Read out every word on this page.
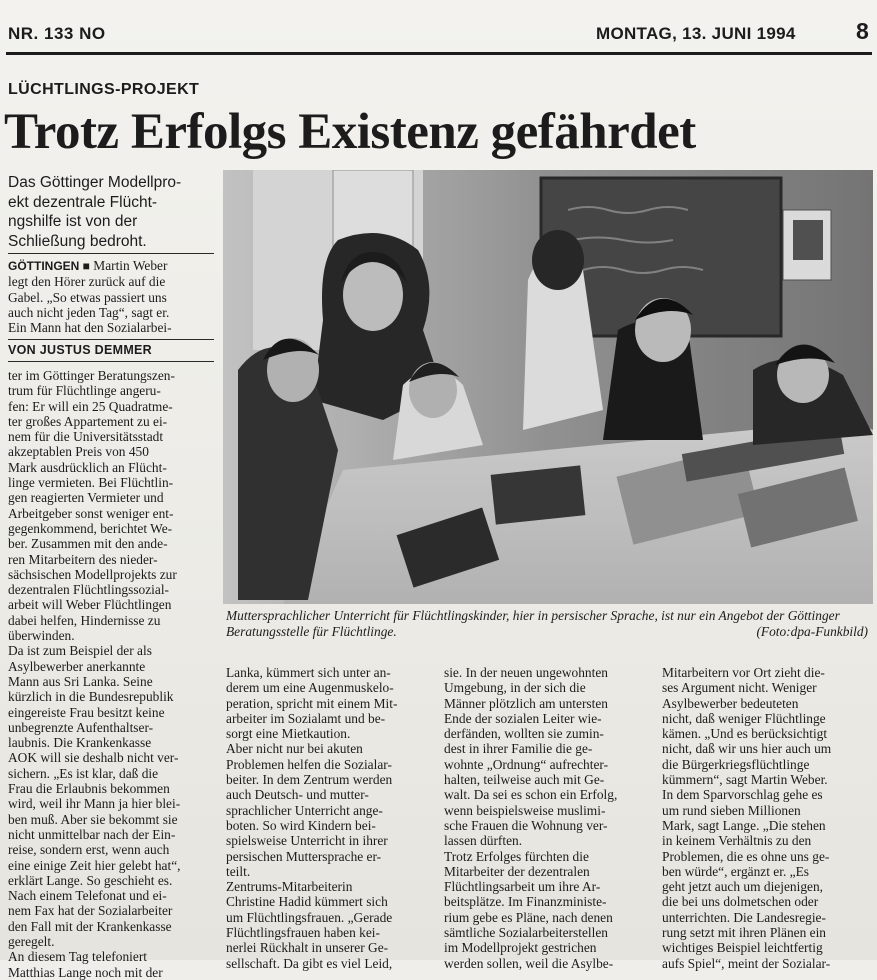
NR. 133 NO	MONTAG, 13. JUNI 1994	8
LÜCHTLINGS-PROJEKT
Trotz Erfolgs Existenz gefährdet
Das Göttinger Modellpro-
ekt dezentrale Flücht-
ngshilfe ist von der
Schließung bedroht.

GÖTTINGEN ■ Martin Weber

legt den Hörer zurück auf die

Gabel. „So etwas passiert uns

auch nicht jeden Tag“, sagt er.

Ein Mann hat den Sozialarbei-

VON JUSTUS DEMMER

ter im Göttinger Beratungszen-

trum für Flüchtlinge angeru-

fen: Er will ein 25 Quadratme-

ter großes Appartement zu ei-

nem für die Universitätsstadt

akzeptablen Preis von 450

Mark ausdrücklich an Flücht-

linge vermieten. Bei Flüchtlin-

gen reagierten Vermieter und

Arbeitgeber sonst weniger ent-

gegenkommend, berichtet We-

ber. Zusammen mit den ande-

ren Mitarbeitern des nieder-

sächsischen Modellprojekts zur

dezentralen Flüchtlingssozial-

arbeit will Weber Flüchtlingen

dabei helfen, Hindernisse zu

überwinden.

Da ist zum Beispiel der als

Asylbewerber anerkannte

Mann aus Sri Lanka. Seine

kürzlich in die Bundesrepublik

eingereiste Frau besitzt keine

unbegrenzte Aufenthaltser-

laubnis. Die Krankenkasse

AOK will sie deshalb nicht ver-

sichern. „Es ist klar, daß die

Frau die Erlaubnis bekommen

wird, weil ihr Mann ja hier blei-

ben muß. Aber sie bekommt sie

nicht unmittelbar nach der Ein-

reise, sondern erst, wenn auch

eine einige Zeit hier gelebt hat“,

erklärt Lange. So geschieht es.

Nach einem Telefonat und ei-

nem Fax hat der Sozialarbeiter

den Fall mit der Krankenkasse

geregelt.

An diesem Tag telefoniert

Matthias Lange noch mit der

Muttersprachlicher Unterricht für Flüchtlingskinder, hier in persischer Sprache, ist nur ein Angebot der Göttinger Beratungsstelle für Flüchtlinge.	(Foto:dpa-Funkbild)

Lanka, kümmert sich unter an-

derem um eine Augenmuskelo-

peration, spricht mit einem Mit-

arbeiter im Sozialamt und be-

sorgt eine Mietkaution.

Aber nicht nur bei akuten

Problemen helfen die Sozialar-

beiter. In dem Zentrum werden

auch Deutsch- und mutter-

sprachlicher Unterricht ange-

boten. So wird Kindern bei-

spielsweise Unterricht in ihrer

persischen Muttersprache er-

teilt.

Zentrums-Mitarbeiterin

Christine Hadid kümmert sich

um Flüchtlingsfrauen. „Gerade

Flüchtlingsfrauen haben kei-

nerlei Rückhalt in unserer Ge-

sellschaft. Da gibt es viel Leid,

sie. In der neuen ungewohnten

Umgebung, in der sich die

Männer plötzlich am untersten

Ende der sozialen Leiter wie-

derfänden, wollten sie zumin-

dest in ihrer Familie die ge-

wohnte „Ordnung“ aufrechter-

halten, teilweise auch mit Ge-

walt. Da sei es schon ein Erfolg,

wenn beispielsweise muslimi-

sche Frauen die Wohnung ver-

lassen dürften.

Trotz Erfolges fürchten die

Mitarbeiter der dezentralen

Flüchtlingsarbeit um ihre Ar-

beitsplätze. Im Finanzministe-

rium gebe es Pläne, nach denen

sämtliche Sozialarbeiterstellen

im Modellprojekt gestrichen

werden sollen, weil die Asylbe-

Mitarbeitern vor Ort zieht die-

ses Argument nicht. Weniger

Asylbewerber bedeuteten

nicht, daß weniger Flüchtlinge

kämen. „Und es berücksichtigt

nicht, daß wir uns hier auch um

die Bürgerkriegsflüchtlinge

kümmern“, sagt Martin Weber.

In dem Sparvorschlag gehe es

um rund sieben Millionen

Mark, sagt Lange. „Die stehen

in keinem Verhältnis zu den

Problemen, die es ohne uns ge-

ben würde“, ergänzt er. „Es

geht jetzt auch um diejenigen,

die bei uns dolmetschen oder

unterrichten. Die Landesregie-

rung setzt mit ihren Plänen ein

wichtiges Beispiel leichtfertig

aufs Spiel“, meint der Sozialar-
